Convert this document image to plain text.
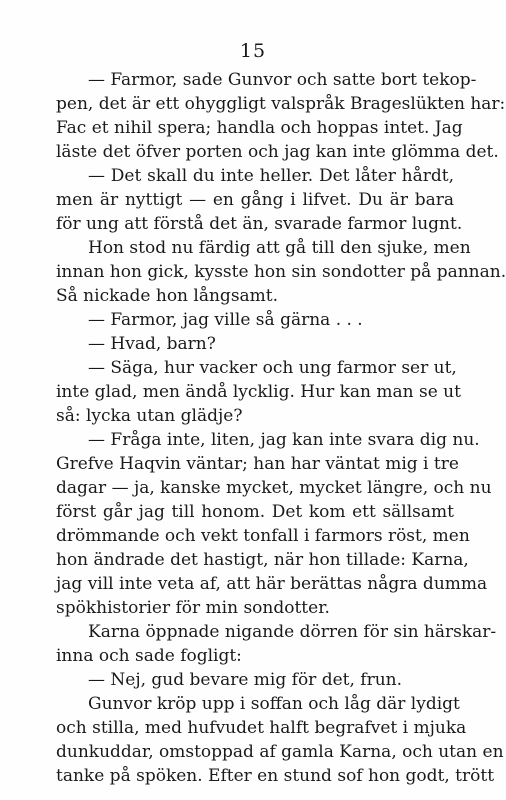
15
— Farmor, sade Gunvor och satte bort tekop-
pen, det är ett ohyggligt valspråk Brageslükten har:
Fac et nihil spera; handla och hoppas intet. Jag
läste det öfver porten och jag kan inte glömma det.
— Det skall du inte heller. Det låter hårdt,
men är nyttigt — en gång i lifvet. Du är bara
för ung att förstå det än, svarade farmor lugnt.
Hon stod nu färdig att gå till den sjuke, men
innan hon gick, kysste hon sin sondotter på pannan.
Så nickade hon långsamt.
— Farmor, jag ville så gärna . . .
— Hvad, barn?
— Säga, hur vacker och ung farmor ser ut,
inte glad, men ändå lycklig. Hur kan man se ut
så: lycka utan glädje?
— Fråga inte, liten, jag kan inte svara dig nu.
Grefve Haqvin väntar; han har väntat mig i tre
dagar — ja, kanske mycket, mycket längre, och nu
först går jag till honom. Det kom ett sällsamt
drömmande och vekt tonfall i farmors röst, men
hon ändrade det hastigt, när hon tillade: Karna,
jag vill inte veta af, att här berättas några dumma
spökhistorier för min sondotter.
Karna öppnade nigande dörren för sin härskar-
inna och sade fogligt:
— Nej, gud bevare mig för det, frun.
Gunvor kröp upp i soffan och låg där lydigt
och stilla, med hufvudet halft begrafvet i mjuka
dunkuddar, omstoppad af gamla Karna, och utan en
tanke på spöken. Efter en stund sof hon godt, trött
